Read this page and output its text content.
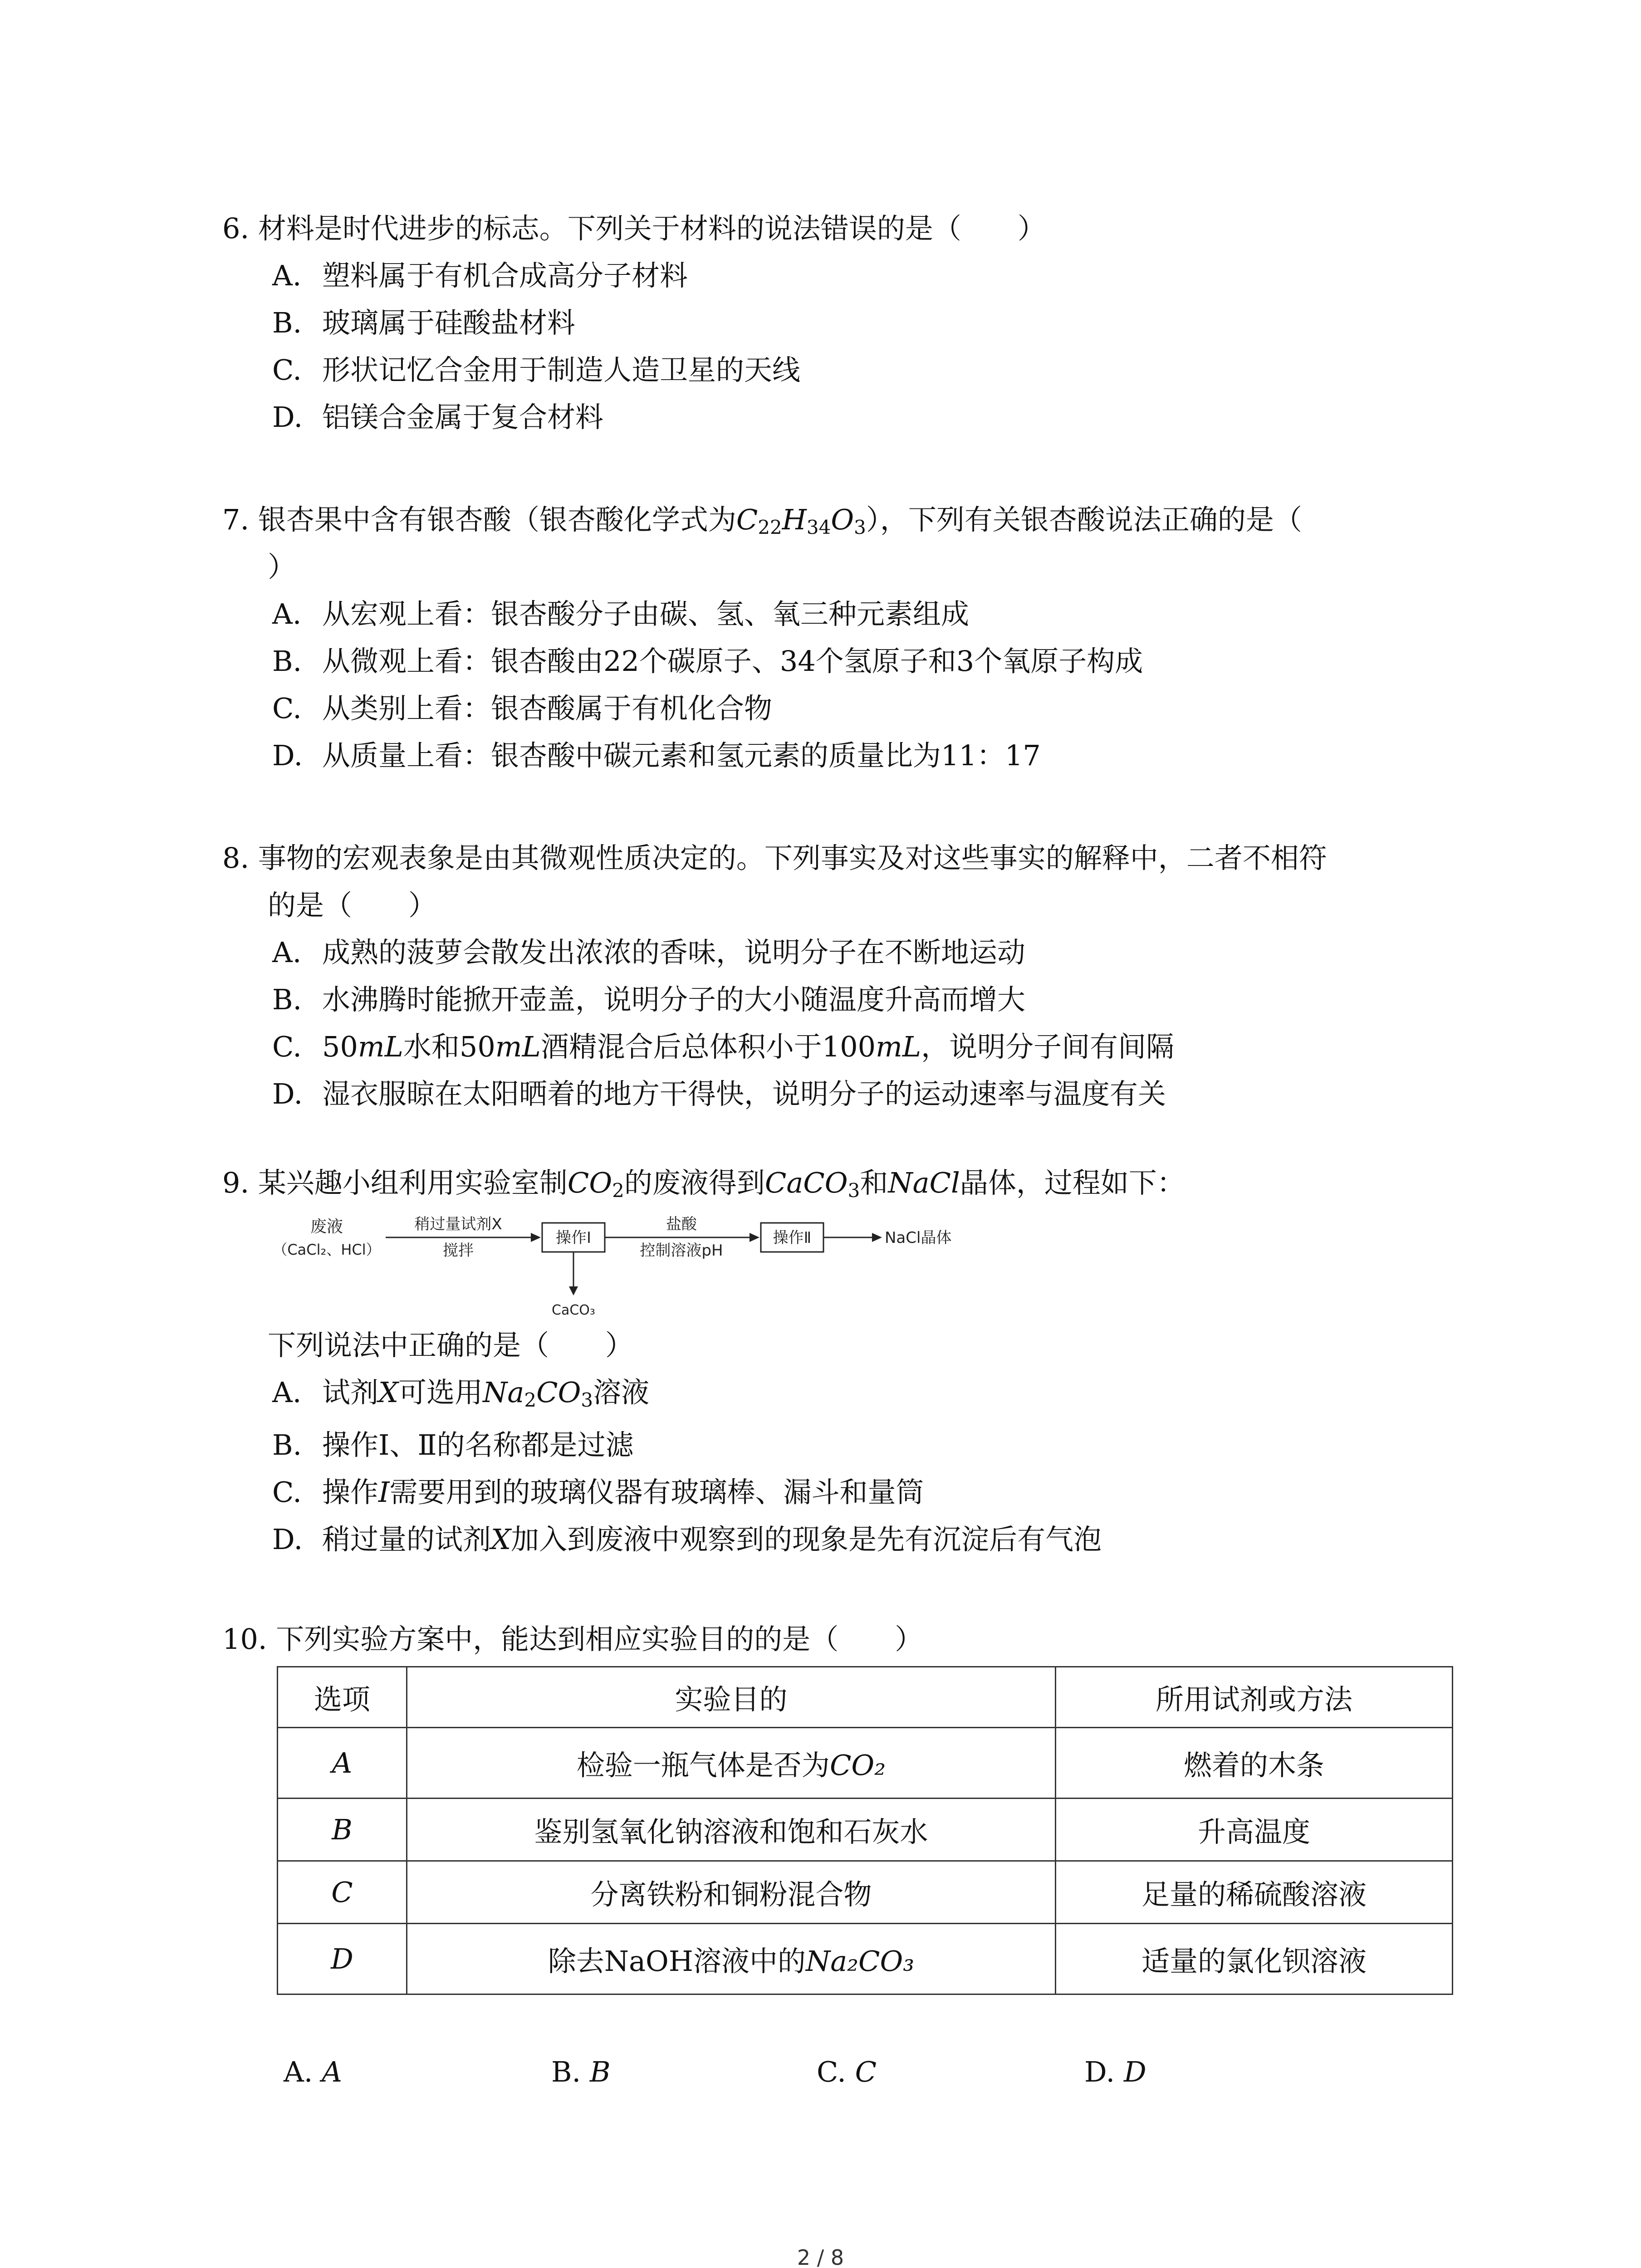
6. 材料是时代进步的标志。下列关于材料的说法错误的是（　　）
A. 塑料属于有机合成高分子材料
B. 玻璃属于硅酸盐材料
C. 形状记忆合金用于制造人造卫星的天线
D. 铝镁合金属于复合材料
7. 银杏果中含有银杏酸（银杏酸化学式为$C_{22}H_{34}O_3$），下列有关银杏酸说法正确的是（
）
A. 从宏观上看：银杏酸分子由碳、氢、氧三种元素组成
B. 从微观上看：银杏酸由22个碳原子、34个氢原子和3个氧原子构成
C. 从类别上看：银杏酸属于有机化合物
D. 从质量上看：银杏酸中碳元素和氢元素的质量比为11：17
8. 事物的宏观表象是由其微观性质决定的。下列事实及对这些事实的解释中，二者不相符
的是（　　）
A. 成熟的菠萝会散发出浓浓的香味，说明分子在不断地运动
B. 水沸腾时能掀开壶盖，说明分子的大小随温度升高而增大
C. 50mL水和50mL酒精混合后总体积小于100mL，说明分子间有间隔
D. 湿衣服晾在太阳晒着的地方干得快，说明分子的运动速率与温度有关
9. 某兴趣小组利用实验室制$CO_2$的废液得到CaCO$_3$和NaCl晶体，过程如下：
废液
（CaCl₂、HCl）
稍过量试剂X
搅拌
操作Ⅰ
CaCO₃
盐酸
控制溶液pH
操作Ⅱ	NaCl晶体
下列说法中正确的是（　　）
A. 试剂X可选用$Na_2CO_3$溶液
B. 操作Ⅰ、Ⅱ的名称都是过滤
C. 操作I需要用到的玻璃仪器有玻璃棒、漏斗和量筒
D. 稍过量的试剂X加入到废液中观察到的现象是先有沉淀后有气泡
10. 下列实验方案中，能达到相应实验目的的是（　　）
选项	实验目的	所用试剂或方法
A	检验一瓶气体是否为CO₂	燃着的木条
B	鉴别氢氧化钠溶液和饱和石灰水	升高温度
C	分离铁粉和铜粉混合物	足量的稀硫酸溶液
D	除去NaOH溶液中的Na₂CO₃	适量的氯化钡溶液
A. A	B. B	C. C	D. D
2 / 8
